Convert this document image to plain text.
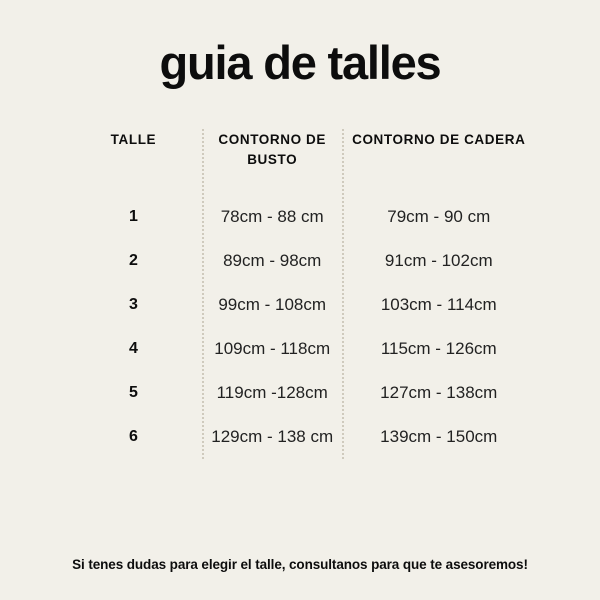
guia de talles
TALLE	CONTORNO DE BUSTO	CONTORNO DE CADERA
1	78cm - 88 cm	79cm - 90 cm
2	89cm - 98cm	91cm - 102cm
3	99cm - 108cm	103cm - 114cm
4	109cm - 118cm	115cm - 126cm
5	119cm -128cm	127cm - 138cm
6	129cm - 138 cm	139cm - 150cm
Si tenes dudas para elegir el talle, consultanos para que te asesoremos!
